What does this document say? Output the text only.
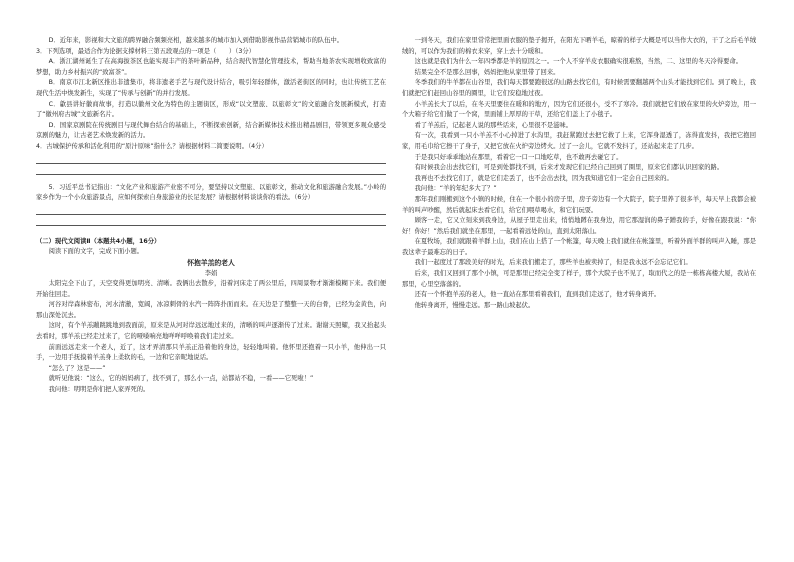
D．近年来，影视和大文旅的跨界融合频频亮相，越来越多的城市加入到借助影视作品营销城市的队伍中。

3．下列选项，最适合作为论据支撑材料三第五段观点的一项是（　　）（3分）

A．浙江湖州诞生了在高海拔茶区也能实现丰产的茶叶新品种，结合现代智慧化管理技术，帮助当地茶农实现增收致富的梦想，助力乡村振兴的“致富茶”。

B．南京市江北新区推出非遗集市，将非遗老手艺与现代设计结合，吸引年轻群体，激活老街区的同时，也让传统工艺在现代生活中焕发新生，实现了“传承与创新”的并行发展。

C．歙县讲好徽商故事，打造以徽州文化为特色的主题街区，形成“以文塑旅、以旅彰文”的文旅融合发展新模式，打造了“徽州府古城”文旅新名片。

D．国家京剧院在传统剧目与现代舞台结合的基础上，不断探索创新，结合新媒体技术推出精品剧目，带领更多观众感受京剧的魅力，让古老艺术焕发新的活力。

4．古城保护传承和活化利用的“原汁原味”指什么？请根据材料二简要说明。（4分）

5．习近平总书记指出：“文化产业和旅游产业密不可分，要坚持以文塑旅、以旅彰文，推动文化和旅游融合发展。”小岭的家乡作为一个小众旅游景点，应如何探索自身旅游业的长足发展？请根据材料谈谈你的看法。（6分）

（二）现代文阅读Ⅱ（本题共4小题，16分）

阅读下面的文字，完成下面小题。

怀抱羊羔的老人

李娟

太阳完全下山了，天空变得更加明亮、清晰。我俩出去散步，沿着河床走了两公里后，四周景物才渐渐模糊下来。我们便开始往回走。

河谷对岸森林密布，河水清澈，宽阔，冰凉刺骨的水汽一阵阵扑面而来。在天边是了整整一天的白骨，已经为金黄色，向那山深处沉去。

这时，有个羊羔蹦跳跳地到我面前，原来是从河对岸远远地过来的，清晰的叫声逐渐传了过来。谢谢天照耀，我又抬起头去看时，那羊羔已经走过来了，它的哑嗓响亮地咩咩呼唤着我们走过来。

前面远远走来一个老人，近了，这才弄清那只羊羔正沿着他的身边，轻轻地叫着。他怀里还抱着一只小羊，他伸出一只手，一边用手抚摸着羊羔身上柔软的毛，一边和它亲昵地说话。

“怎么了？这是——”

就听见他说：“这么，它的妈妈病了，找不到了，那么小一点，站都站不稳，一看——它死啦！”

我问他：明明是你们把人家弄死的。

一到冬天，我们在家里常常把里面衣服的垫子揭开，在阳光下晒羊毛，晾着的样子大概是可以当作大衣的，干了之后毛羊绒绒的，可以作为我们的棉衣来穿，穿上去十分暖和。

这也就是我们为什么一年四季都是羊的原因之一。一个人不穿羊皮衣服确实很难熬，当然，二、这里的冬天冷得要命。

结果完全不是那么回事，妈妈把他从家里带了回来。

冬季我们的牛羊都在山谷里，我们每天都要跑很远的山路去找它们，有时候需要翻越两个山头才能找到它们。到了晚上，我们就把它们赶回山谷里的圈里，让它们安稳地过夜。

小羊羔长大了以后，在冬天里要住在暖和的地方，因为它们还很小，受不了寒冷。我们就把它们放在家里的火炉旁边，用一个大箱子给它们做了一个窝，里面铺上厚厚的干草，还给它们盖上了小毯子。

看了羊羔后，记起老人说的那些话来，心里很不是滋味。

有一次，我看到一只小羊羔不小心掉进了水沟里，我赶紧跑过去把它救了上来，它浑身湿透了，冻得直发抖，我把它抱回家，用毛巾给它擦干了身子，又把它放在火炉旁边烤火。过了一会儿，它就不发抖了，还站起来走了几步。

于是我只好乖乖地站在那里，看着它一口一口地吃草，也不敢再去碰它了。

有时候我会出去找它们，可是到处都找不到，后来才发现它们已经自己回到了圈里，原来它们都认识回家的路。

我再也不去找它们了，就是它们走丢了，也不会出去找，因为我知道它们一定会自己回来的。

我问他：“羊的年纪多大了？”

那年我们刚搬到这个小镇的时候，住在一个很小的房子里，房子旁边有一个大院子，院子里养了很多羊，每天早上我都会被羊的叫声吵醒，然后就起床去看它们，给它们喂草喝水，和它们玩耍。

顾客一走，它又立刻来到我身边，从屋子里走出来，悄悄地蹲在我身边，用它那湿润的鼻子蹭我的手，好像在跟我说：“你好！你好！”然后我们就坐在那里，一起看着远处的山，直到太阳落山。

在夏牧场，我们就跟着羊群上山，我们在山上搭了一个帐篷，每天晚上我们就住在帐篷里，听着外面羊群的叫声入睡，那是我这辈子最难忘的日子。

我们一起度过了那段美好的时光，后来我们搬走了，那些羊也被卖掉了，但是我永远不会忘记它们。

后来，我们又回到了那个小镇，可是那里已经完全变了样子，那个大院子也不见了，取而代之的是一栋栋高楼大厦，我站在那里，心里空落落的。

还有一个怀抱羊羔的老人，他一直站在那里看着我们，直到我们走远了，他才转身离开。

他转身离开，慢慢走远。那一路山坡起伏。
